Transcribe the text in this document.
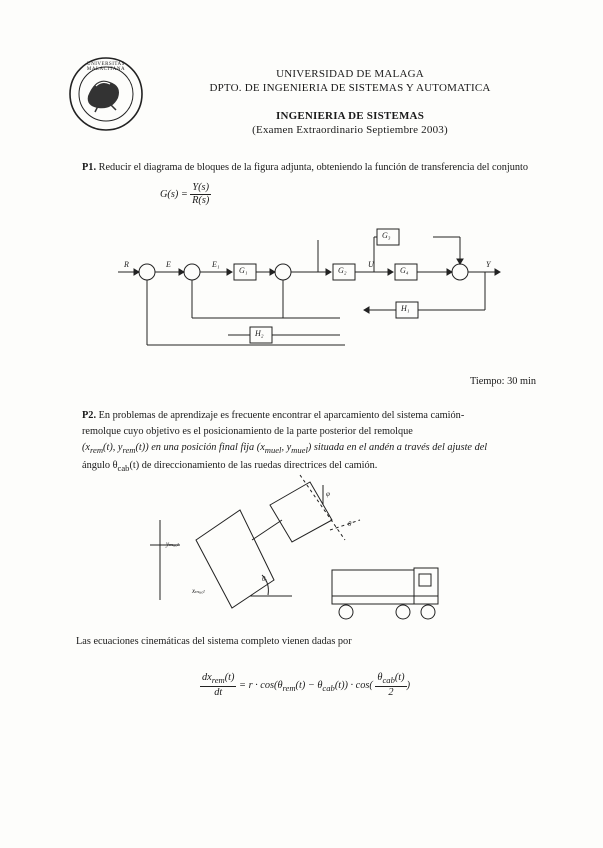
UNIVERSITAS MALACITANA	UNIVERSIDAD DE MALAGA
DPTO. DE INGENIERIA DE SISTEMAS Y AUTOMATICA
INGENIERIA DE SISTEMAS
(Examen Extraordinario Septiembre 2003)
P1. Reducir el diagrama de bloques de la figura adjunta, obteniendo la función de transferencia del conjunto
$G(s) = \frac{Y(s)}{R(s)}$
R	E	E₁
G₁	G₂
U
G₄
G₃
H₁
H₂
Y
Tiempo: 30 min
P2. En problemas de aprendizaje es frecuente encontrar el aparcamiento del sistema camión-
remolque cuyo objetivo es el posicionamiento de la parte posterior del remolque
($x_{rem}(t)$, $y_{rem}(t)$) en una posición final fija ($x_{muel}$, $y_{muel}$) situada en el andén a través del ajuste del
ángulo $\theta_{cab}(t)$ de direccionamiento de las ruedas directrices del camión.
yₘᵤₑₗ
xₘᵤₑₗ
θᵣ
φ
θ
Las ecuaciones cinemáticas del sistema completo vienen dadas por
$\frac{dx_{rem}(t)}{dt} = r \cdot \cos(\theta_{rem}(t) - \theta_{cab}(t)) \cdot \cos( \frac{\theta_{cab}(t)}{2}$ )
